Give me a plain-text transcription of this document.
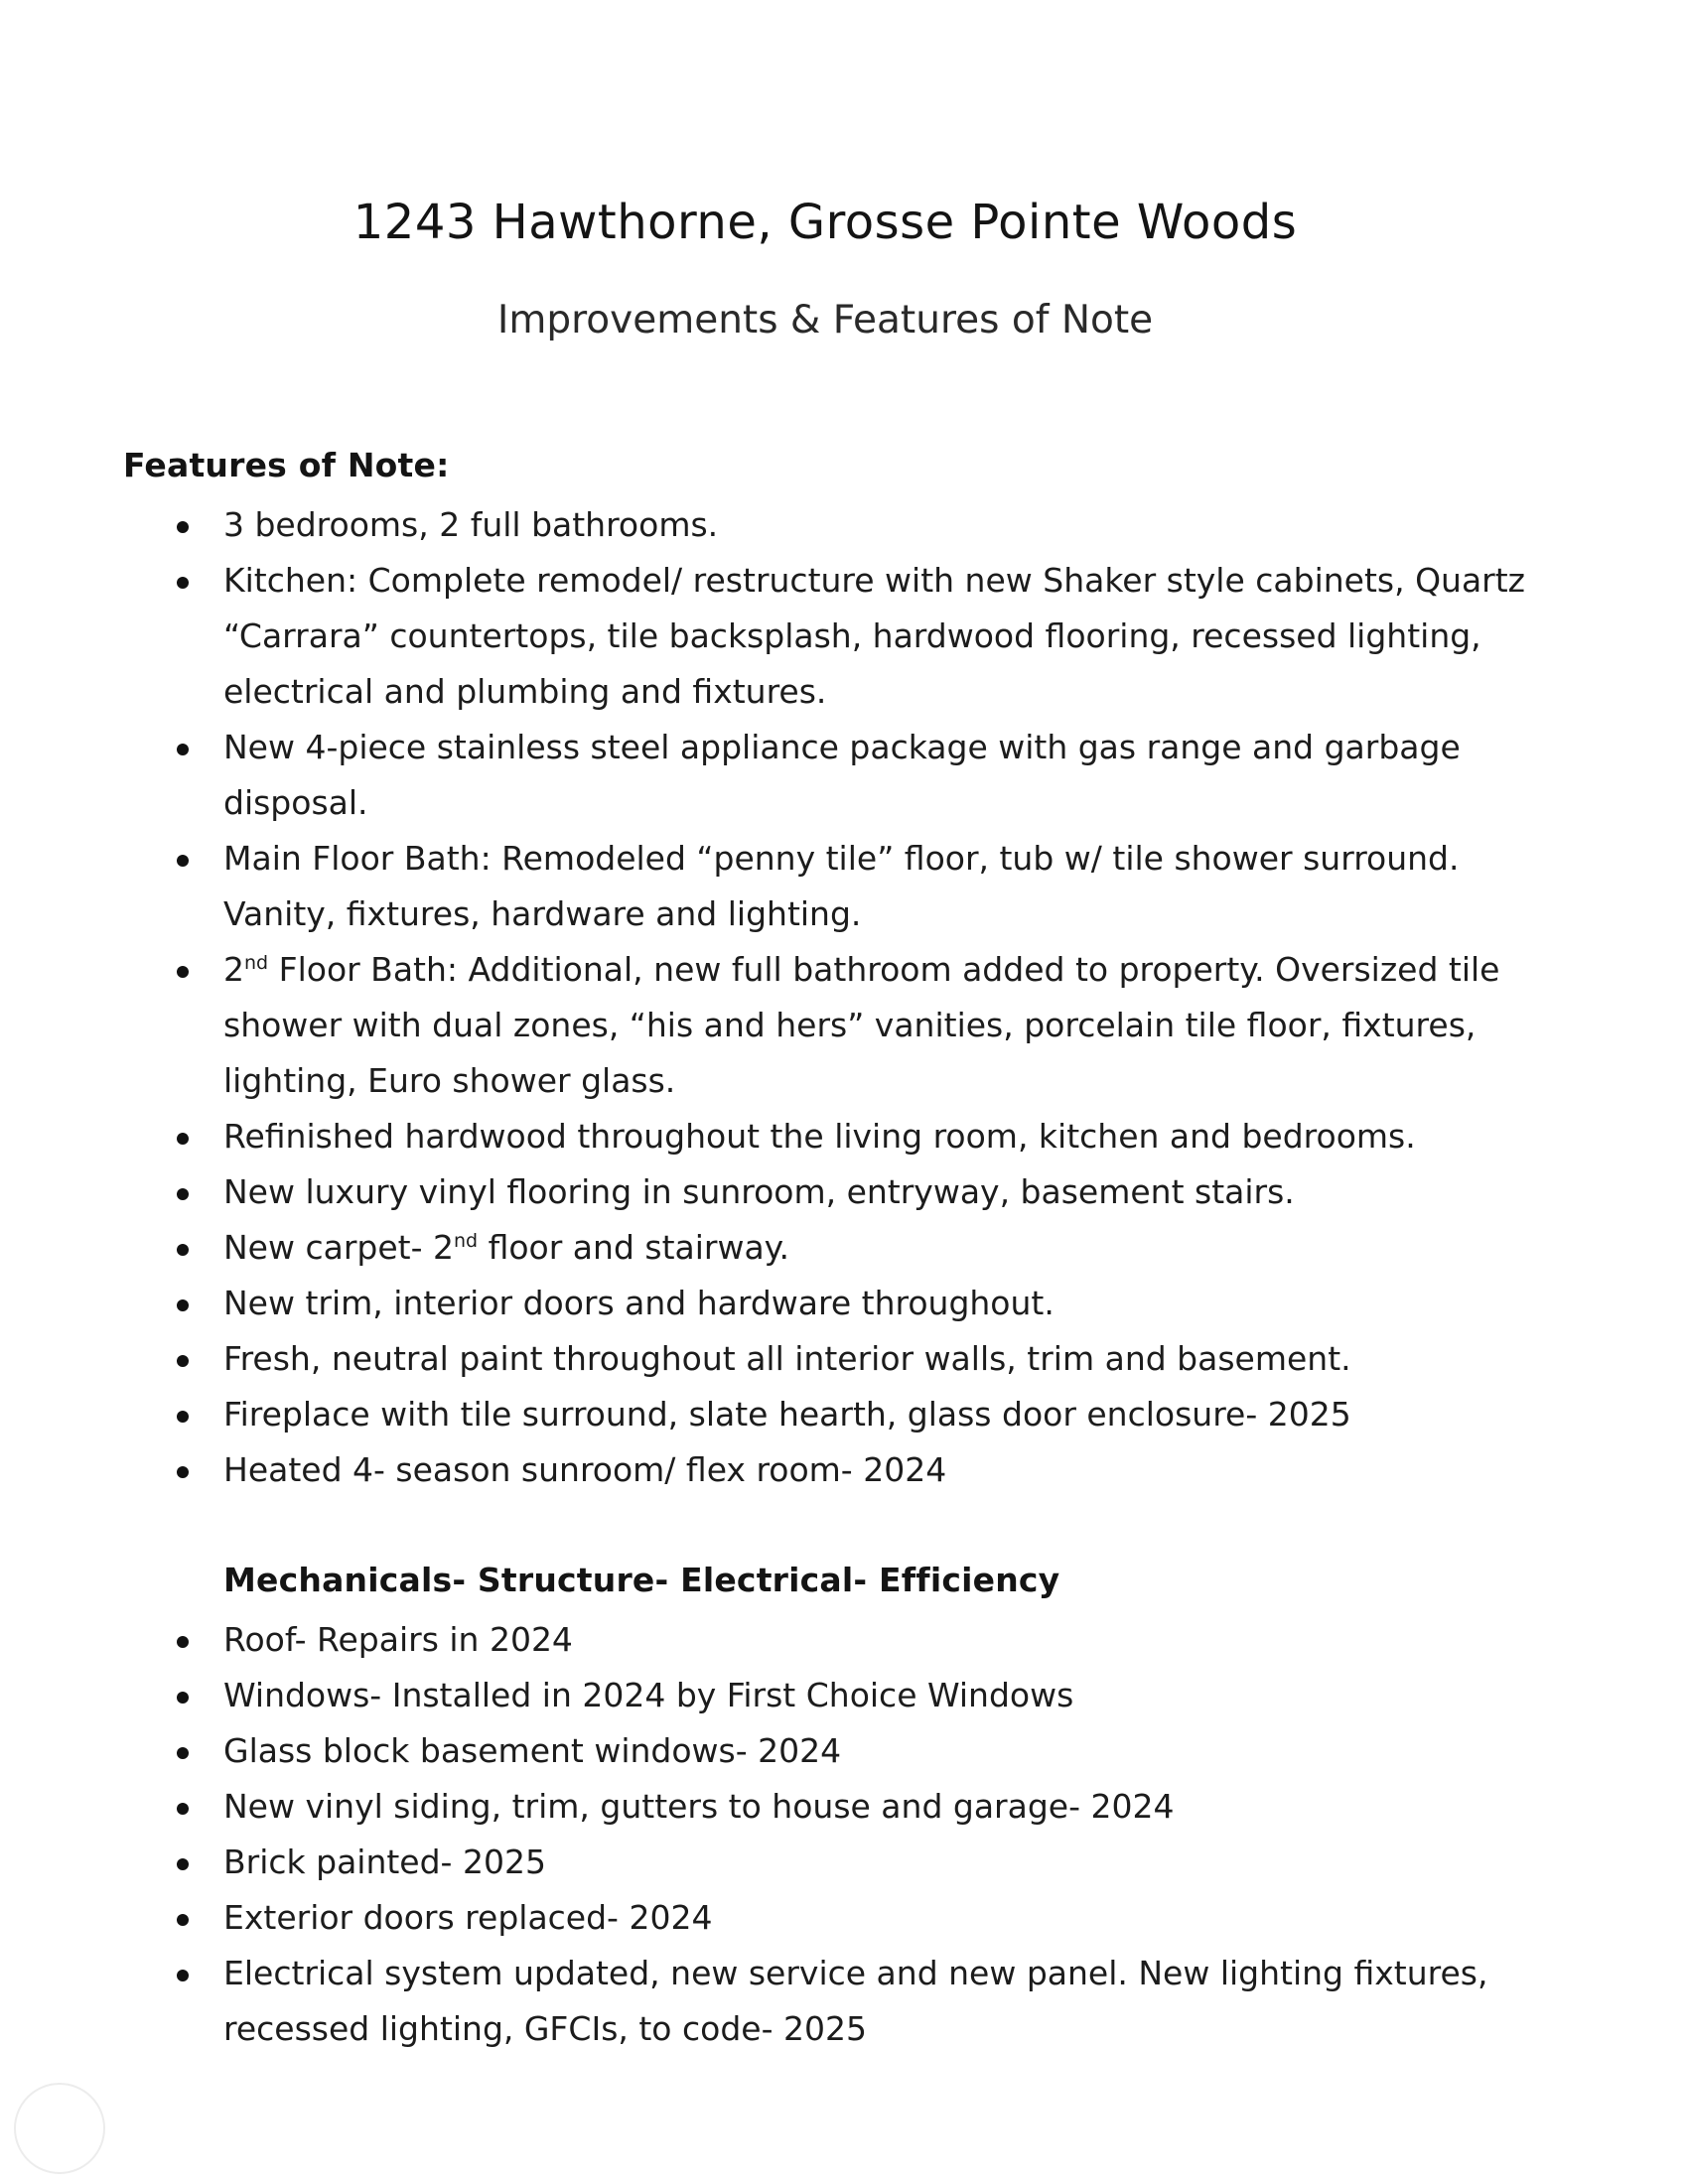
1243 Hawthorne, Grosse Pointe Woods
Improvements & Features of Note
Features of Note:
3 bedrooms, 2 full bathrooms.
Kitchen: Complete remodel/ restructure with new Shaker style cabinets, Quartz “Carrara” countertops, tile backsplash, hardwood flooring, recessed lighting, electrical and plumbing and fixtures.
New 4-piece stainless steel appliance package with gas range and garbage disposal.
Main Floor Bath: Remodeled “penny tile” floor, tub w/ tile shower surround. Vanity, fixtures, hardware and lighting.
2nd Floor Bath: Additional, new full bathroom added to property. Oversized tile shower with dual zones, “his and hers” vanities, porcelain tile floor, fixtures, lighting, Euro shower glass.
Refinished hardwood throughout the living room, kitchen and bedrooms.
New luxury vinyl flooring in sunroom, entryway, basement stairs.
New carpet- 2nd floor and stairway.
New trim, interior doors and hardware throughout.
Fresh, neutral paint throughout all interior walls, trim and basement.
Fireplace with tile surround, slate hearth, glass door enclosure- 2025
Heated 4- season sunroom/ flex room- 2024
Mechanicals- Structure- Electrical- Efficiency
Roof- Repairs in 2024
Windows- Installed in 2024 by First Choice Windows
Glass block basement windows- 2024
New vinyl siding, trim, gutters to house and garage- 2024
Brick painted- 2025
Exterior doors replaced- 2024
Electrical system updated, new service and new panel. New lighting fixtures, recessed lighting, GFCIs, to code- 2025
